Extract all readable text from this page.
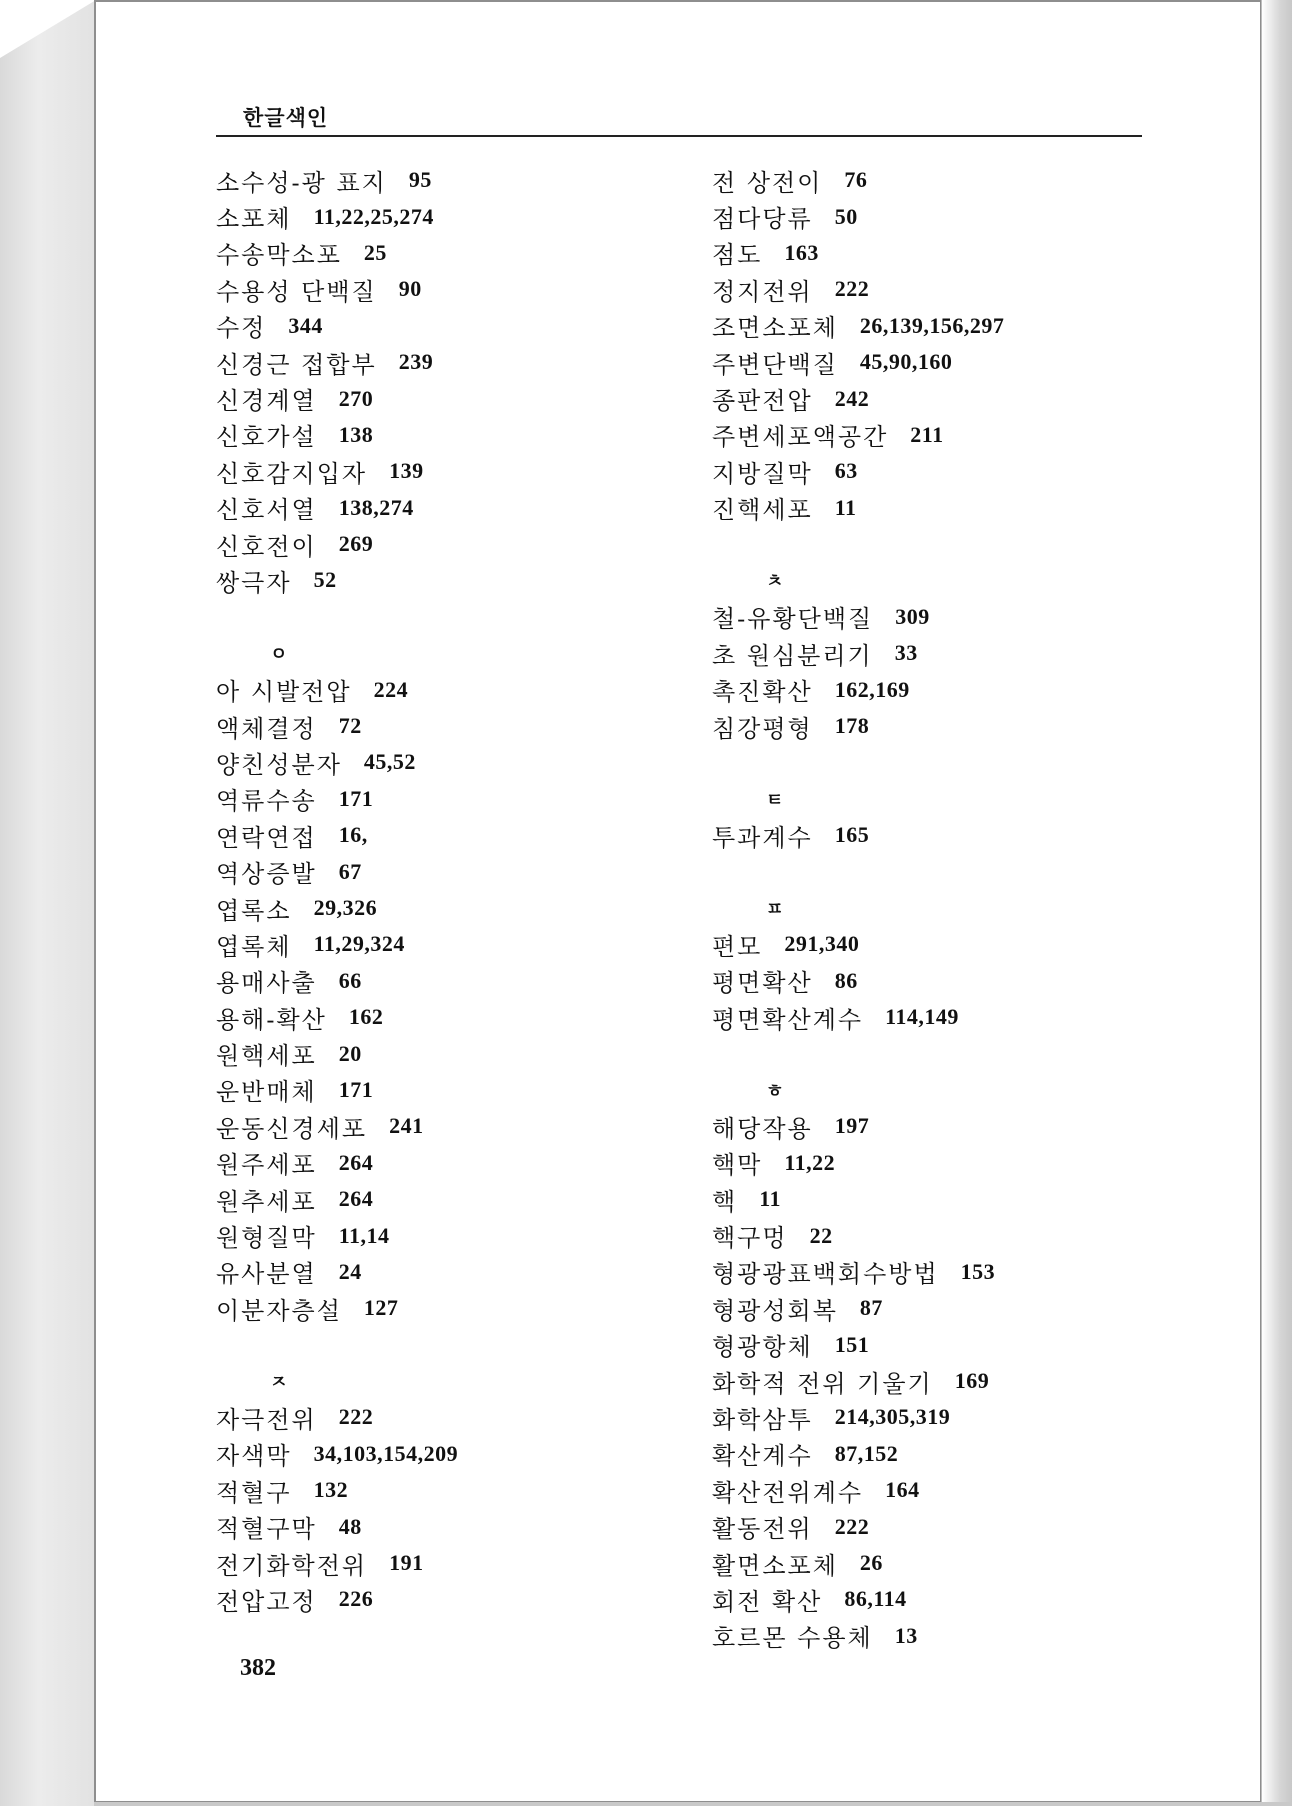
한글색인
소수성-광 표지 95
소포체 11,22,25,274
수송막소포 25
수용성 단백질 90
수정 344
신경근 접합부 239
신경계열 270
신호가설 138
신호감지입자 139
신호서열 138,274
신호전이 269
쌍극자 52
ㅇ
아 시발전압 224
액체결정 72
양친성분자 45,52
역류수송 171
연락연접 16,
역상증발 67
엽록소 29,326
엽록체 11,29,324
용매사출 66
용해-확산 162
원핵세포 20
운반매체 171
운동신경세포 241
원주세포 264
원추세포 264
원형질막 11,14
유사분열 24
이분자층설 127
ㅈ
자극전위 222
자색막 34,103,154,209
적혈구 132
적혈구막 48
전기화학전위 191
전압고정 226
전 상전이 76
점다당류 50
점도 163
정지전위 222
조면소포체 26,139,156,297
주변단백질 45,90,160
종판전압 242
주변세포액공간 211
지방질막 63
진핵세포 11
ㅊ
철-유황단백질 309
초 원심분리기 33
촉진확산 162,169
침강평형 178
ㅌ
투과계수 165
ㅍ
편모 291,340
평면확산 86
평면확산계수 114,149
ㅎ
해당작용 197
핵막 11,22
핵 11
핵구멍 22
형광광표백회수방법 153
형광성회복 87
형광항체 151
화학적 전위 기울기 169
화학삼투 214,305,319
확산계수 87,152
확산전위계수 164
활동전위 222
활면소포체 26
회전 확산 86,114
호르몬 수용체 13
382
